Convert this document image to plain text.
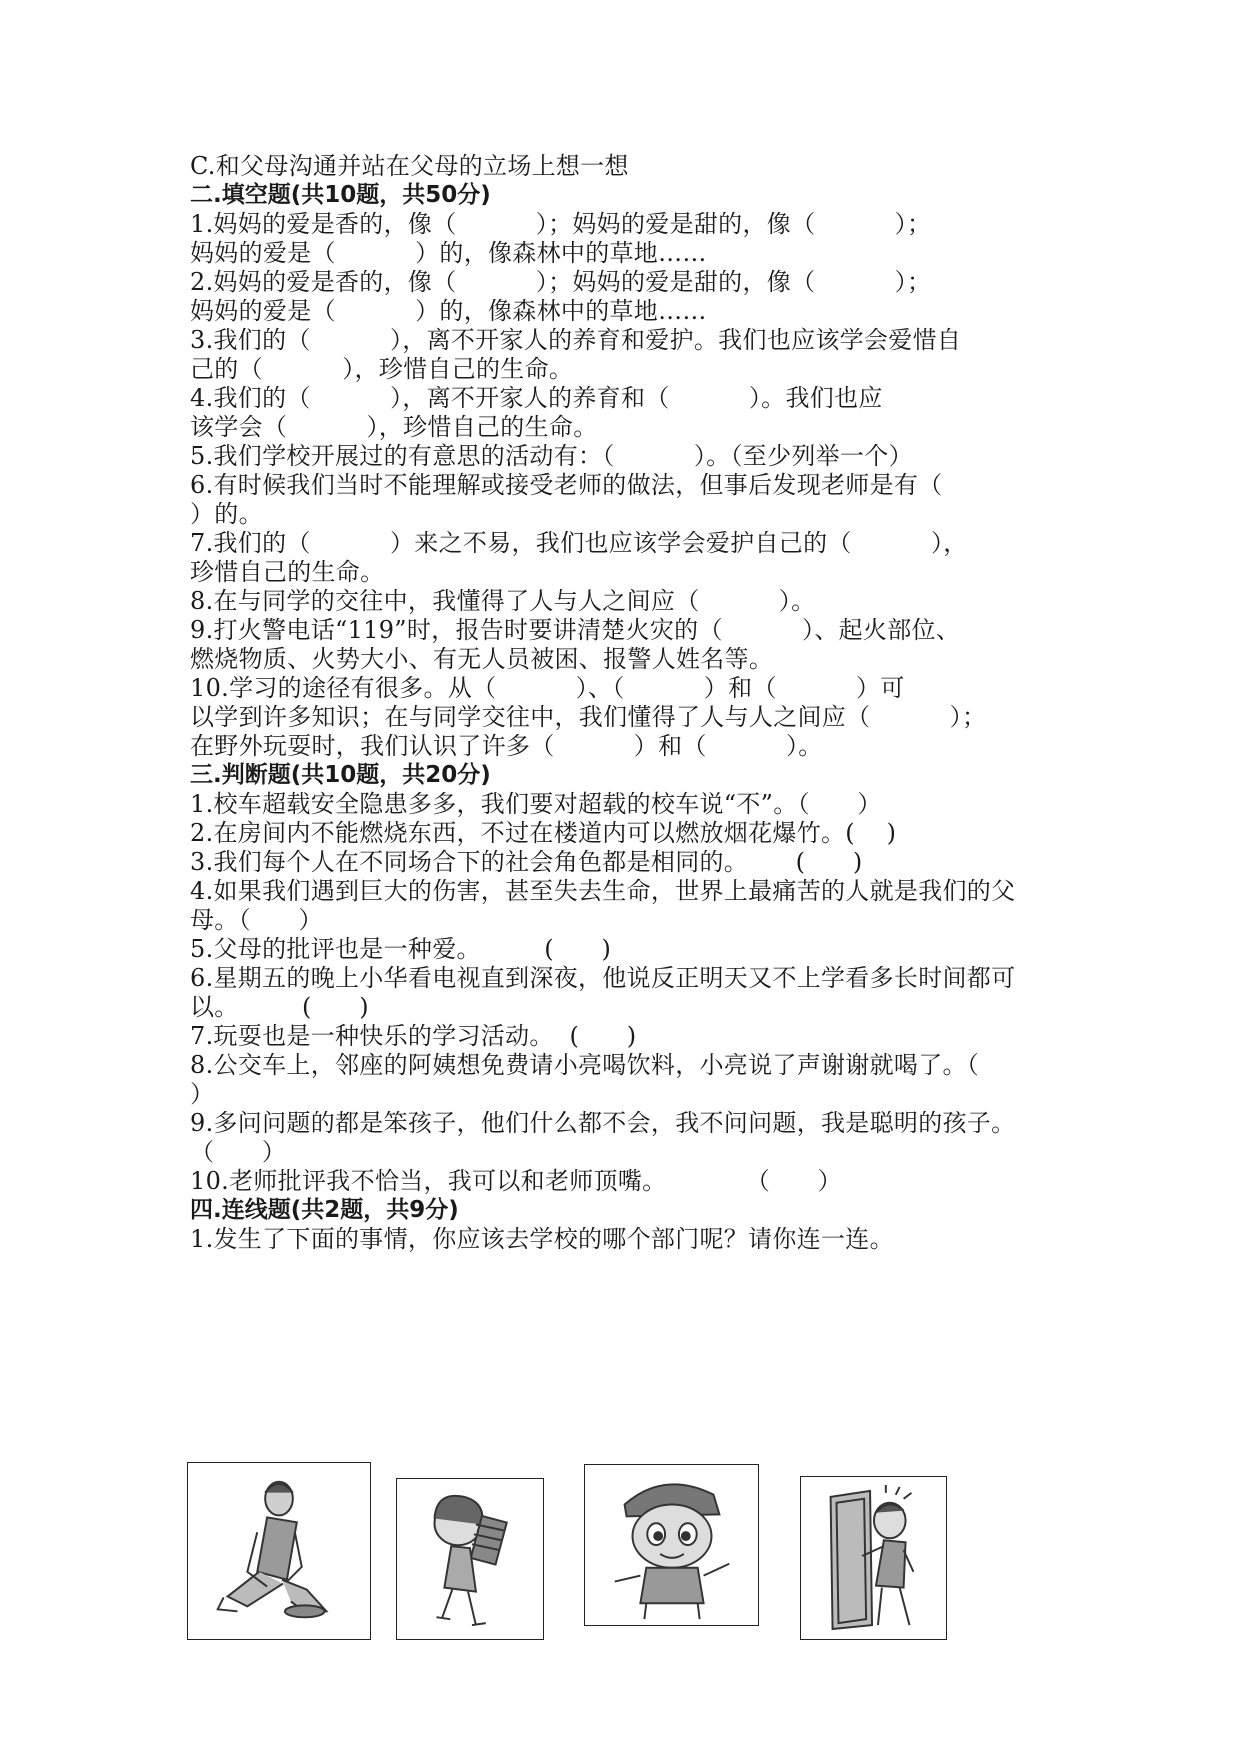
C.和父母沟通并站在父母的立场上想一想

二.填空题(共10题，共50分)

1.妈妈的爱是香的，像（          ）；妈妈的爱是甜的，像（          ）；

妈妈的爱是（          ）的，像森林中的草地……

2.妈妈的爱是香的，像（          ）；妈妈的爱是甜的，像（          ）；

妈妈的爱是（          ）的，像森林中的草地……

3.我们的（          ），离不开家人的养育和爱护。我们也应该学会爱惜自

己的（          ），珍惜自己的生命。

4.我们的（          ），离不开家人的养育和（          ）。我们也应

该学会（          ），珍惜自己的生命。

5.我们学校开展过的有意思的活动有：（          ）。（至少列举一个）

6.有时候我们当时不能理解或接受老师的做法，但事后发现老师是有（

）的。

7.我们的（          ）来之不易，我们也应该学会爱护自己的（          ），

珍惜自己的生命。

8.在与同学的交往中，我懂得了人与人之间应（          ）。

9.打火警电话“119”时，报告时要讲清楚火灾的（          ）、起火部位、

燃烧物质、火势大小、有无人员被困、报警人姓名等。

10.学习的途径有很多。从（          ）、（          ）和（          ）可

以学到许多知识；在与同学交往中，我们懂得了人与人之间应（          ）；

在野外玩耍时，我们认识了许多（          ）和（          ）。

三.判断题(共10题，共20分)

1.校车超载安全隐患多多，我们要对超载的校车说“不”。（      ）

2.在房间内不能燃烧东西，不过在楼道内可以燃放烟花爆竹。(    )

3.我们每个人在不同场合下的社会角色都是相同的。      (      )

4.如果我们遇到巨大的伤害，甚至失去生命，世界上最痛苦的人就是我们的父

母。（      ）

5.父母的批评也是一种爱。        (      )

6.星期五的晚上小华看电视直到深夜，他说反正明天又不上学看多长时间都可

以。        (      )

7.玩耍也是一种快乐的学习活动。  (      )

8.公交车上，邻座的阿姨想免费请小亮喝饮料，小亮说了声谢谢就喝了。（

）

9.多问问题的都是笨孩子，他们什么都不会，我不问问题，我是聪明的孩子。

（      ）

10.老师批评我不恰当，我可以和老师顶嘴。          （      ）

四.连线题(共2题，共9分)

1.发生了下面的事情，你应该去学校的哪个部门呢？请你连一连。
